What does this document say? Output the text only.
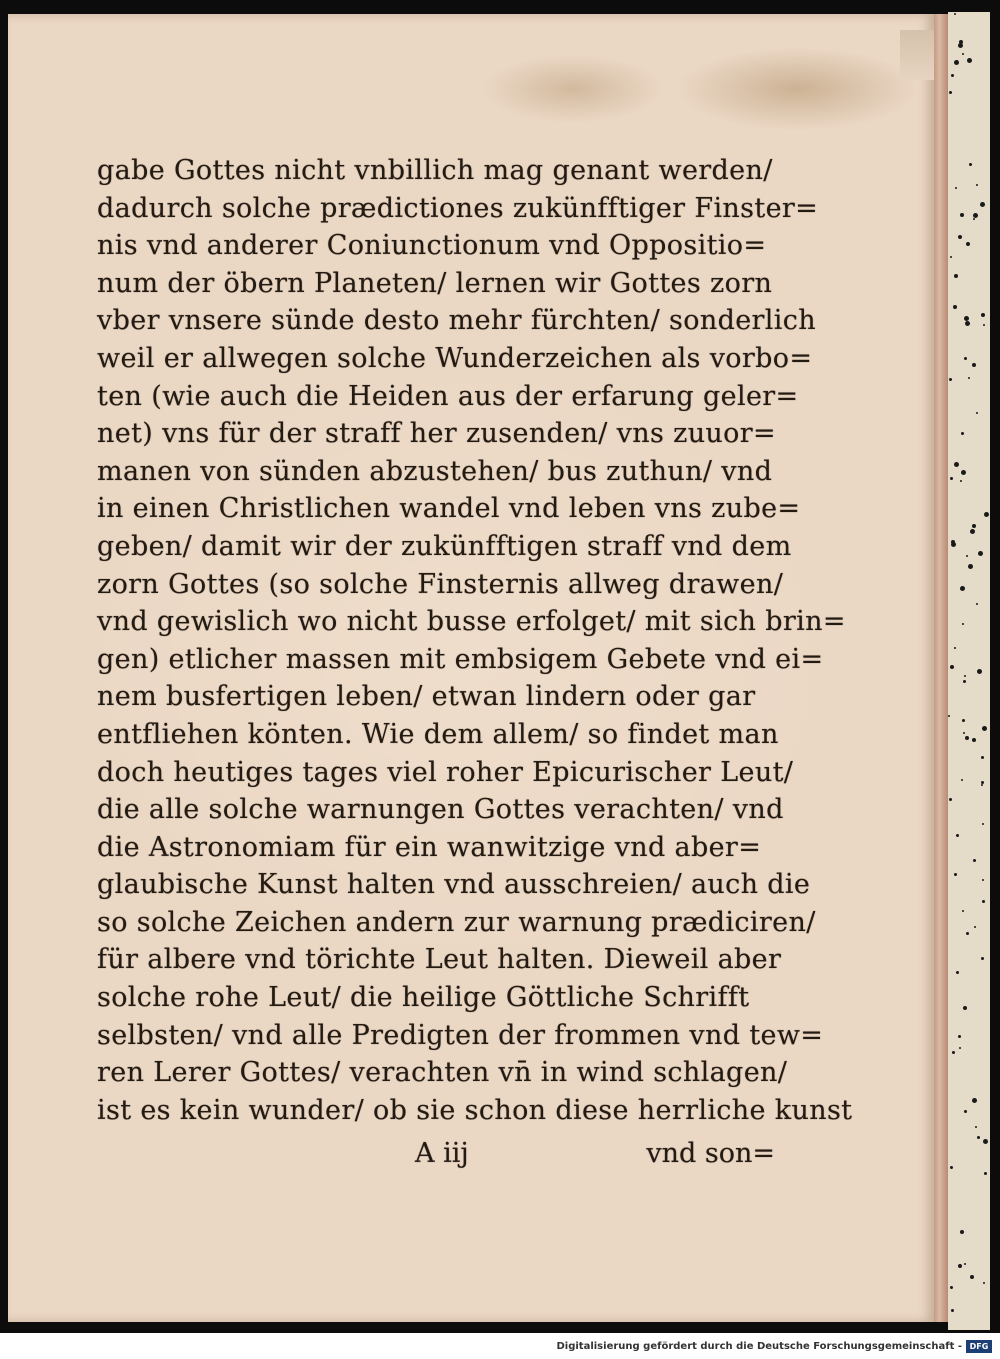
gabe Gottes nicht vnbillich mag genant werden/
dadurch solche prædictiones zukünfftiger Finster=
nis vnd anderer Coniunctionum vnd Oppositio=
num der öbern Planeten/ lernen wir Gottes zorn
vber vnsere sünde desto mehr fürchten/ sonderlich
weil er allwegen solche Wunderzeichen als vorbo=
ten (wie auch die Heiden aus der erfarung geler=
net) vns für der straff her zusenden/ vns zuuor=
manen von sünden abzustehen/ bus zuthun/ vnd
in einen Christlichen wandel vnd leben vns zube=
geben/ damit wir der zukünfftigen straff vnd dem
zorn Gottes (so solche Finsternis allweg drawen/
vnd gewislich wo nicht busse erfolget/ mit sich brin=
gen) etlicher massen mit embsigem Gebete vnd ei=
nem busfertigen leben/ etwan lindern oder gar
entfliehen könten. Wie dem allem/ so findet man
doch heutiges tages viel roher Epicurischer Leut/
die alle solche warnungen Gottes verachten/ vnd
die Astronomiam für ein wanwitzige vnd aber=
glaubische Kunst halten vnd ausschreien/ auch die
so solche Zeichen andern zur warnung prædiciren/
für albere vnd törichte Leut halten. Dieweil aber
solche rohe Leut/ die heilige Göttliche Schrifft
selbsten/ vnd alle Predigten der frommen vnd tew=
ren Lerer Gottes/ verachten vn̄ in wind schlagen/
ist es kein wunder/ ob sie schon diese herrliche kunst
A iij	vnd son=
Digitalisierung gefördert durch die Deutsche Forschungsgemeinschaft - DFG
